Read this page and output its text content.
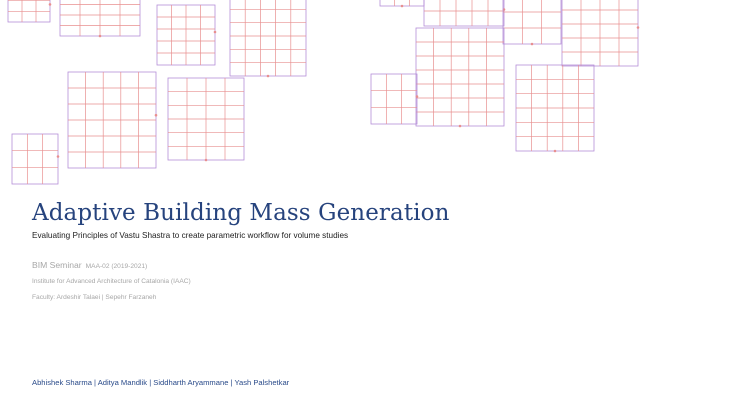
Adaptive Building Mass Generation
Evaluating Principles of Vastu Shastra to create parametric workflow for volume studies
BIM Seminar MAA-02 (2019-2021)
Institute for Advanced Architecture of Catalonia (IAAC)
Faculty: Ardeshir Talaei | Sepehr Farzaneh
Abhishek Sharma | Aditya Mandlik | Siddharth Aryammane | Yash Palshetkar
